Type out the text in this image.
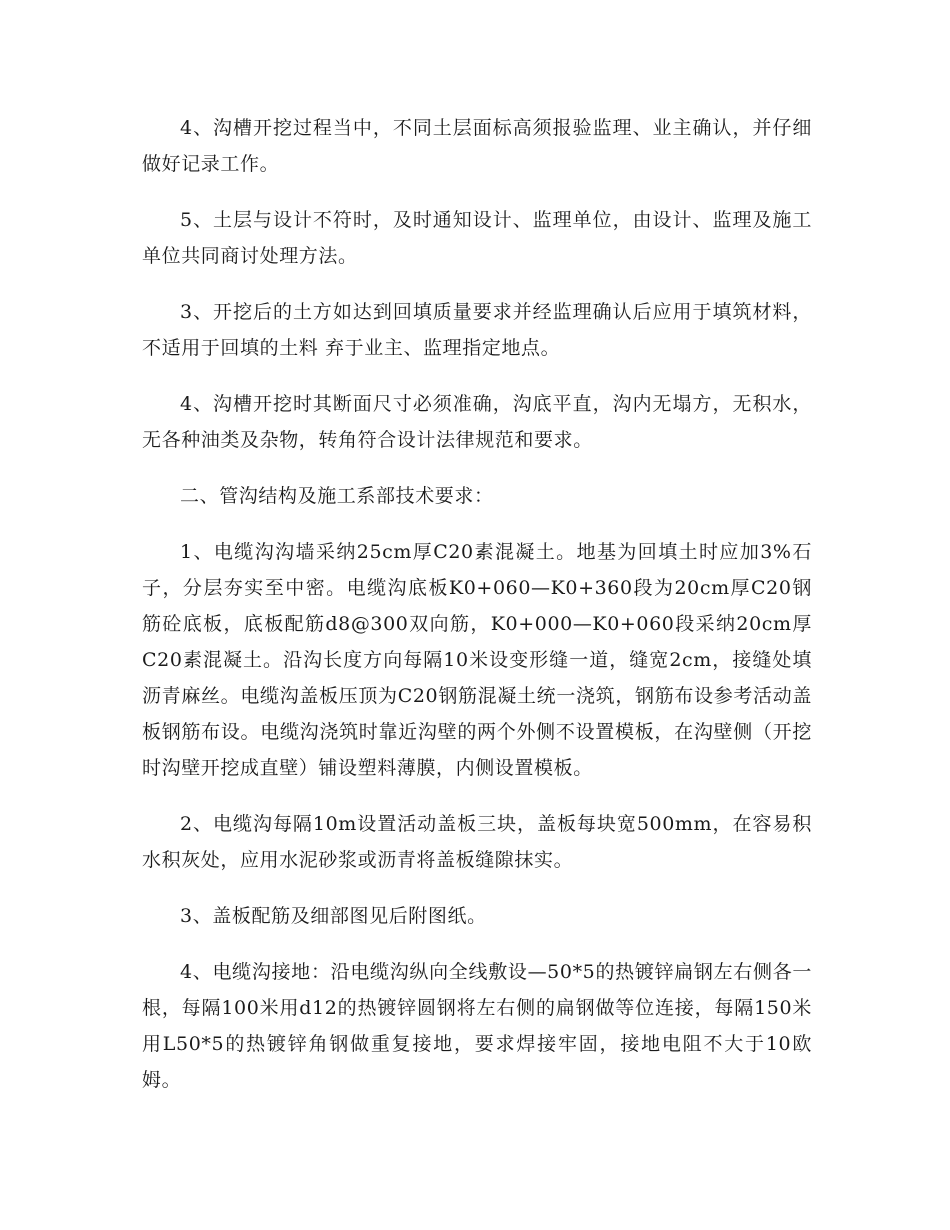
4、沟槽开挖过程当中，不同土层面标高须报验监理、业主确认，并仔细做好记录工作。

5、土层与设计不符时，及时通知设计、监理单位，由设计、监理及施工单位共同商讨处理方法。

3、开挖后的土方如达到回填质量要求并经监理确认后应用于填筑材料，不适用于回填的土料 弃于业主、监理指定地点。

4、沟槽开挖时其断面尺寸必须准确，沟底平直，沟内无塌方，无积水，无各种油类及杂物，转角符合设计法律规范和要求。

二、管沟结构及施工系部技术要求：

1、电缆沟沟墙采纳25cm厚C20素混凝土。地基为回填土时应加3%石子，分层夯实至中密。电缆沟底板K0+060—K0+360段为20cm厚C20钢筋砼底板，底板配筋d8@300双向筋，K0+000—K0+060段采纳20cm厚C20素混凝土。沿沟长度方向每隔10米设变形缝一道，缝宽2cm，接缝处填沥青麻丝。电缆沟盖板压顶为C20钢筋混凝土统一浇筑，钢筋布设参考活动盖板钢筋布设。电缆沟浇筑时靠近沟壁的两个外侧不设置模板，在沟壁侧（开挖时沟壁开挖成直壁）铺设塑料薄膜，内侧设置模板。

2、电缆沟每隔10m设置活动盖板三块，盖板每块宽500mm，在容易积水积灰处，应用水泥砂浆或沥青将盖板缝隙抹实。

3、盖板配筋及细部图见后附图纸。

4、电缆沟接地：沿电缆沟纵向全线敷设—50*5的热镀锌扁钢左右侧各一根，每隔100米用d12的热镀锌圆钢将左右侧的扁钢做等位连接，每隔150米用L50*5的热镀锌角钢做重复接地，要求焊接牢固，接地电阻不大于10欧姆。
